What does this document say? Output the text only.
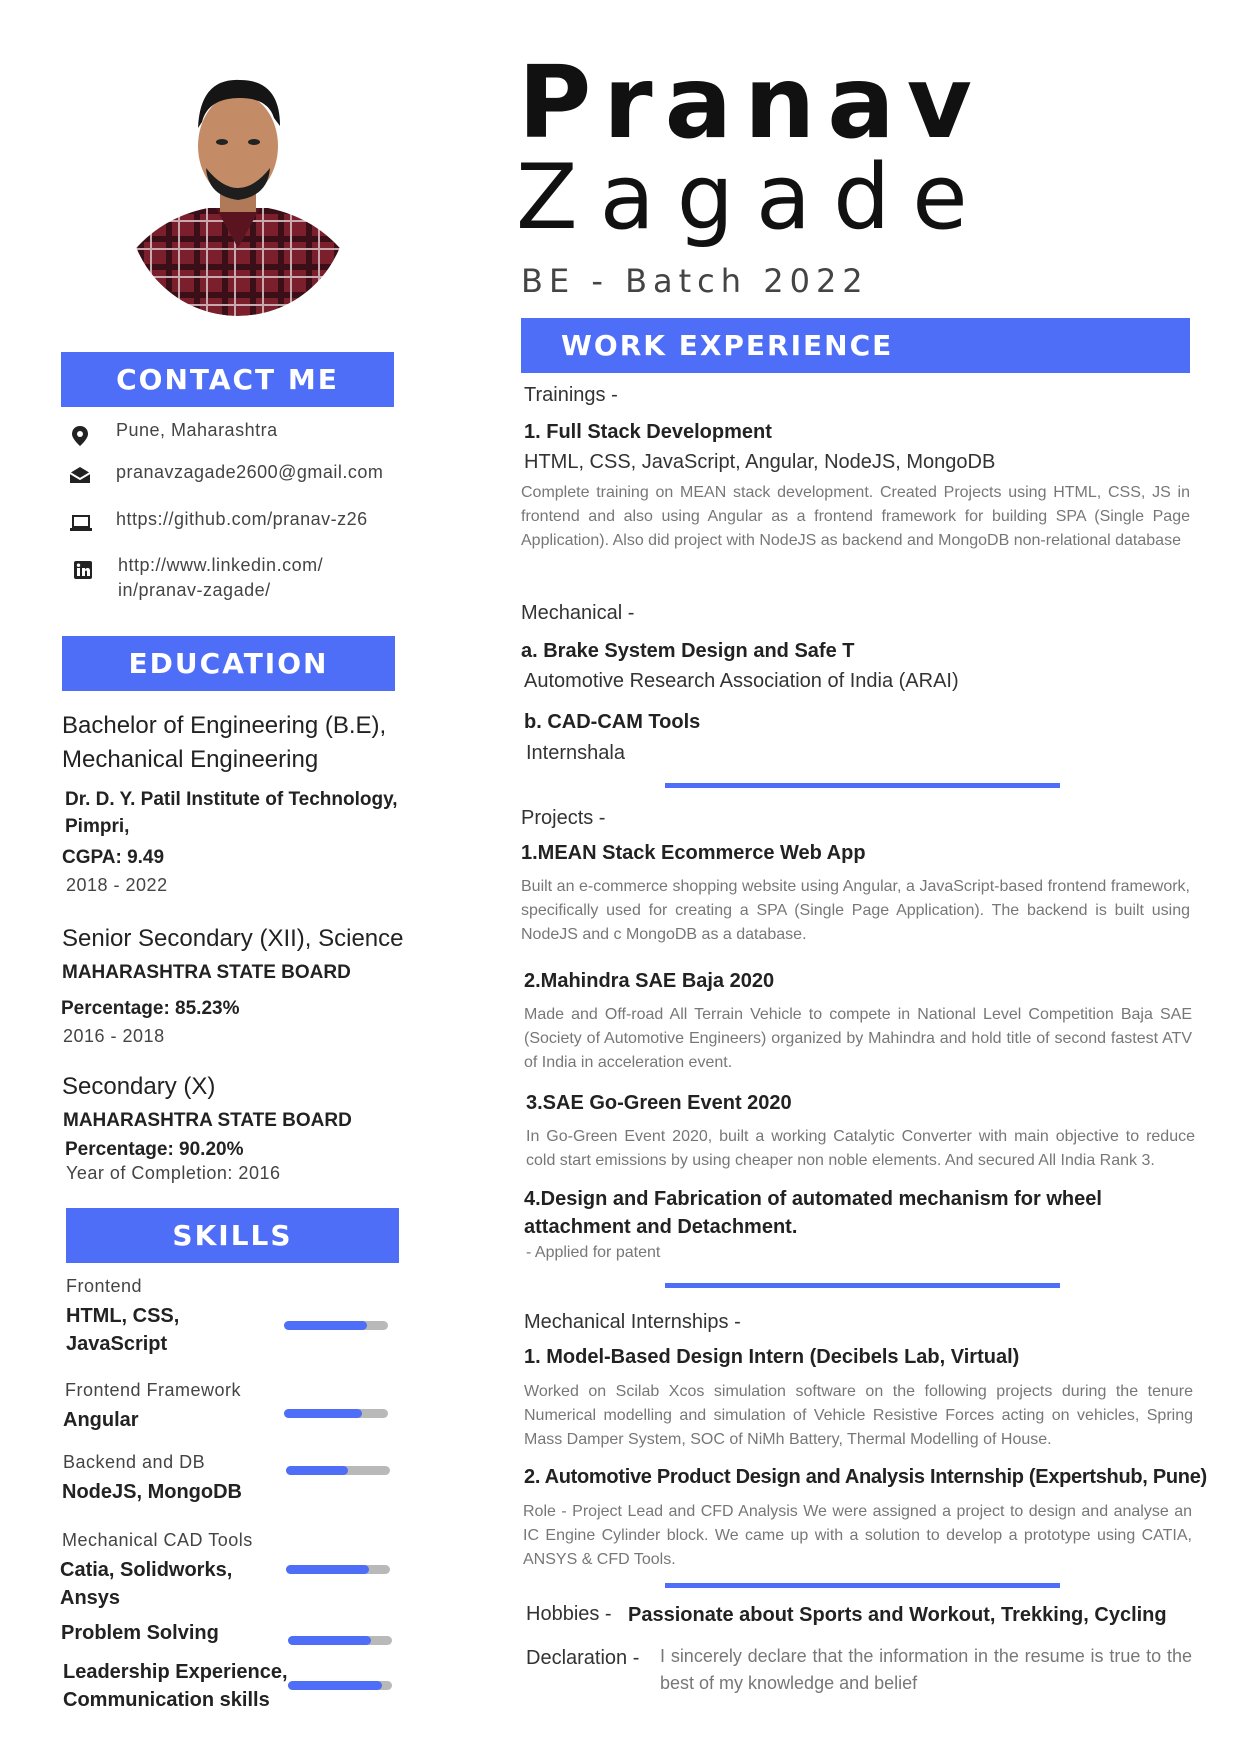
Pranav
Zagade
BE - Batch 2022
CONTACT ME
Pune, Maharashtra
pranavzagade2600@gmail.com
https://github.com/pranav-z26
http://www.linkedin.com/
in/pranav-zagade/
EDUCATION
Bachelor of Engineering (B.E),
Mechanical Engineering
Dr. D. Y. Patil Institute of Technology,
Pimpri,
CGPA: 9.49
2018 - 2022
Senior Secondary (XII), Science
MAHARASHTRA STATE BOARD
Percentage: 85.23%
2016 - 2018
Secondary (X)
MAHARASHTRA STATE BOARD
Percentage: 90.20%
Year of Completion: 2016
SKILLS
Frontend
HTML, CSS,
JavaScript
Frontend Framework
Angular
Backend and DB
NodeJS, MongoDB
Mechanical CAD Tools
Catia, Solidworks,
Ansys
Problem Solving
Leadership Experience,
Communication skills
WORK EXPERIENCE
Trainings -
1. Full Stack Development
HTML, CSS, JavaScript, Angular, NodeJS, MongoDB
Complete training on MEAN stack development. Created Projects using HTML, CSS, JS in frontend and also using Angular as a frontend framework for building SPA (Single Page Application). Also did project with NodeJS as backend and MongoDB non-relational database
Mechanical -
a. Brake System Design and Safe T
Automotive Research Association of India (ARAI)
b. CAD-CAM Tools
Internshala
Projects -
1.MEAN Stack Ecommerce Web App
Built an e-commerce shopping website using Angular, a JavaScript-based frontend framework, specifically used for creating a SPA (Single Page Application). The backend is built using NodeJS and c MongoDB as a database.
2.Mahindra SAE Baja 2020
Made and Off-road All Terrain Vehicle to compete in National Level Competition Baja SAE (Society of Automotive Engineers) organized by Mahindra and hold title of second fastest ATV of India in acceleration event.
3.SAE Go-Green Event 2020
In Go-Green Event 2020, built a working Catalytic Converter with main objective to reduce cold start emissions by using cheaper non noble elements. And secured All India Rank 3.
4.Design and Fabrication of automated mechanism for wheel
attachment and Detachment.
- Applied for patent
Mechanical Internships -
1. Model-Based Design Intern (Decibels Lab, Virtual)
Worked on Scilab Xcos simulation software on the following projects during the tenure Numerical modelling and simulation of Vehicle Resistive Forces acting on vehicles, Spring Mass Damper System, SOC of NiMh Battery, Thermal Modelling of House.
2. Automotive Product Design and Analysis Internship (Expertshub, Pune)
Role - Project Lead and CFD Analysis We were assigned a project to design and analyse an IC Engine Cylinder block. We came up with a solution to develop a prototype using CATIA, ANSYS & CFD Tools.
Hobbies - Passionate about Sports and Workout, Trekking, Cycling
Declaration - I sincerely declare that the information in the resume is true to the best of my knowledge and belief
